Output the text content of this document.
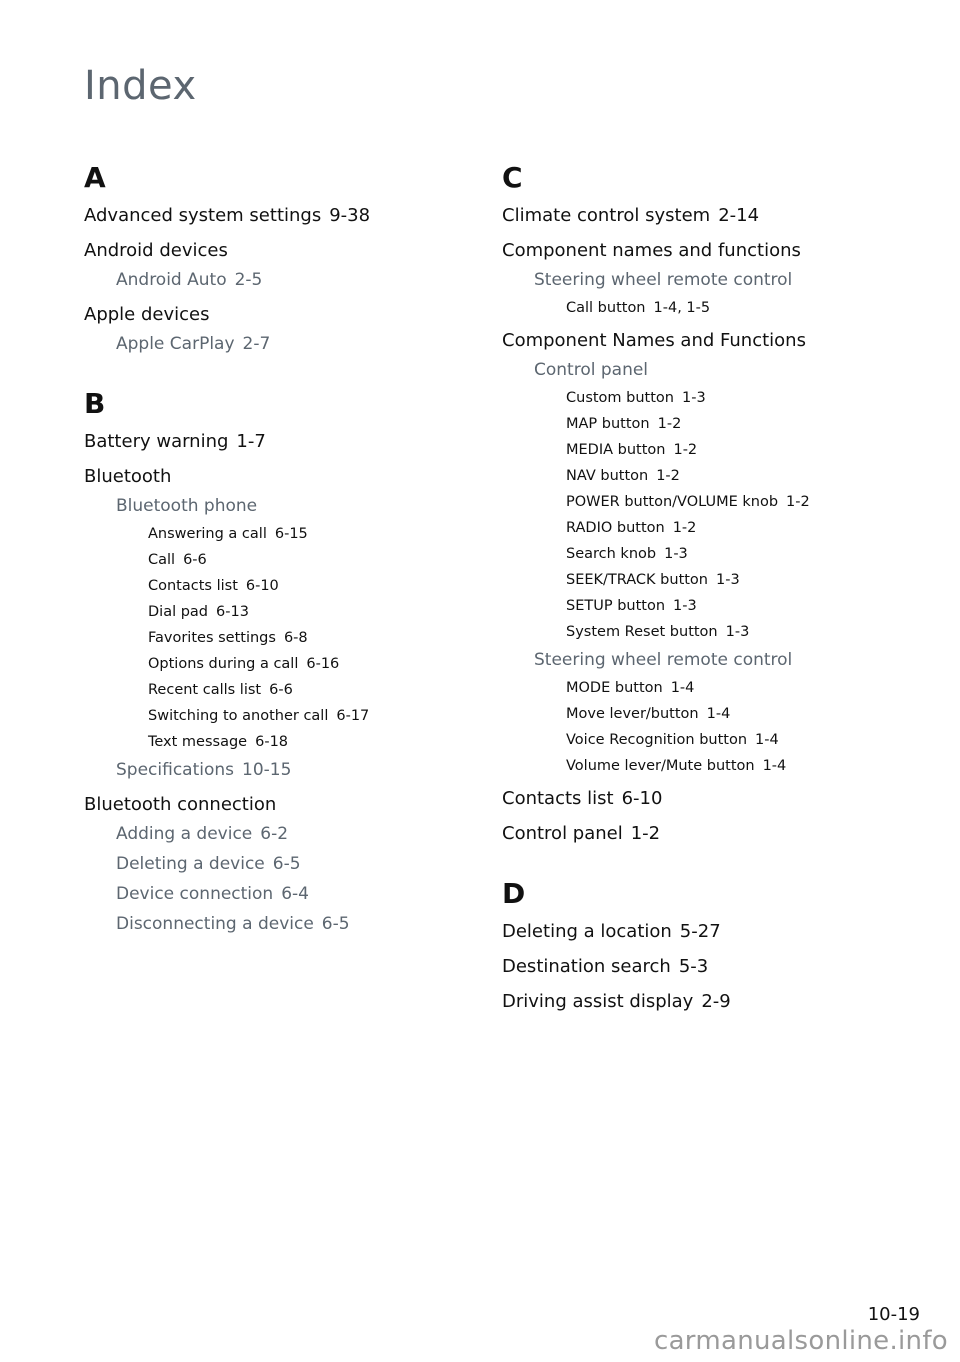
Index
A
Advanced system settings 9-38
Android devices
Android Auto 2-5
Apple devices
Apple CarPlay 2-7
B
Battery warning 1-7
Bluetooth
Bluetooth phone
Answering a call 6-15
Call 6-6
Contacts list 6-10
Dial pad 6-13
Favorites settings 6-8
Options during a call 6-16
Recent calls list 6-6
Switching to another call 6-17
Text message 6-18
Specifications 10-15
Bluetooth connection
Adding a device 6-2
Deleting a device 6-5
Device connection 6-4
Disconnecting a device 6-5
C
Climate control system 2-14
Component names and functions
Steering wheel remote control
Call button 1-4, 1-5
Component Names and Functions
Control panel
Custom button 1-3
MAP button 1-2
MEDIA button 1-2
NAV button 1-2
POWER button/VOLUME knob 1-2
RADIO button 1-2
Search knob 1-3
SEEK/TRACK button 1-3
SETUP button 1-3
System Reset button 1-3
Steering wheel remote control
MODE button 1-4
Move lever/button 1-4
Voice Recognition button 1-4
Volume lever/Mute button 1-4
Contacts list 6-10
Control panel 1-2
D
Deleting a location 5-27
Destination search 5-3
Driving assist display 2-9
10-19
carmanualsonline.info
